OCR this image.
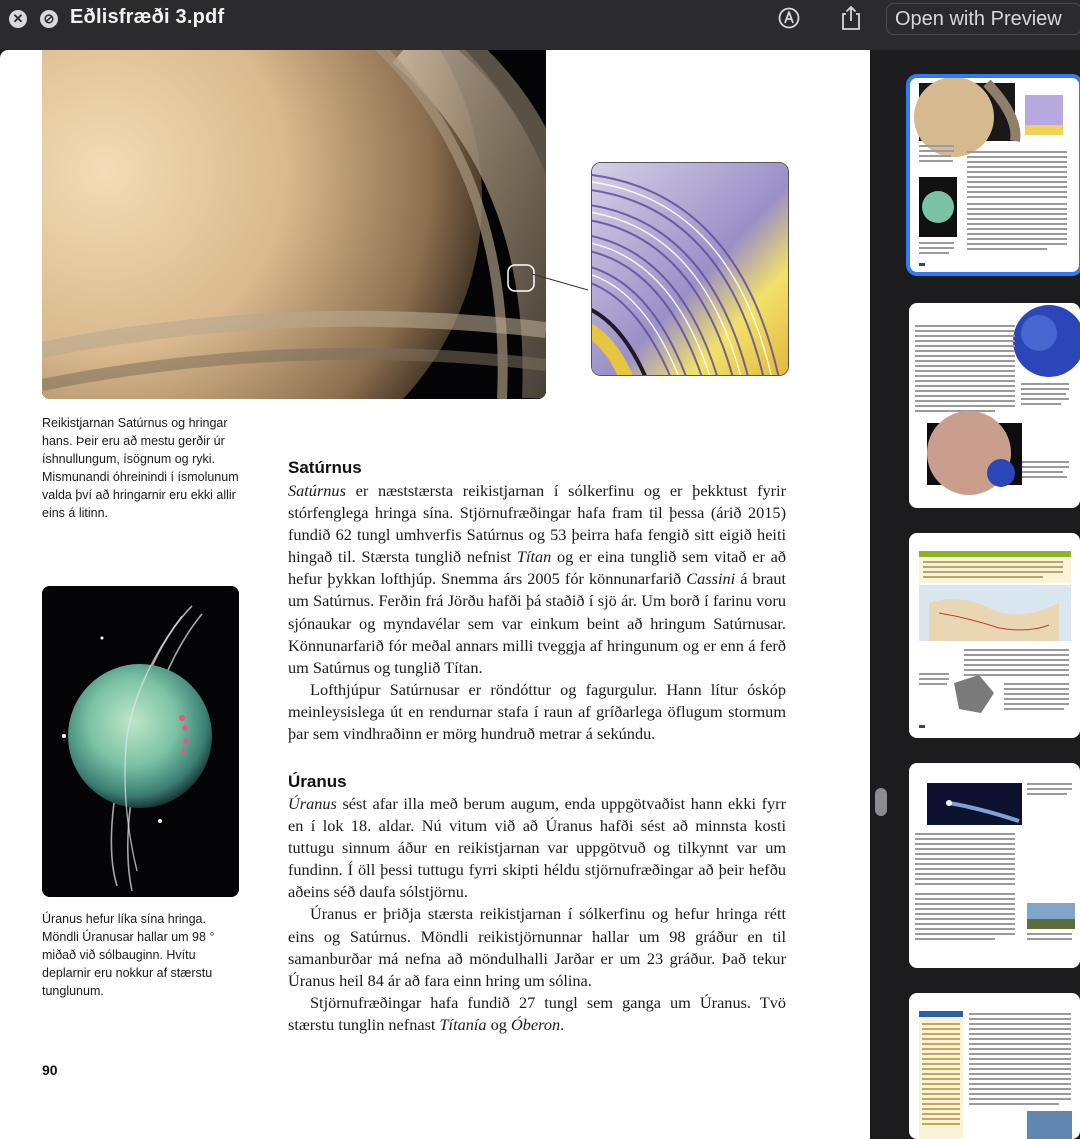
✕ ⊘ Eðlisfræði 3.pdf	Open with Preview
Reikistjarnan Satúrnus og hringar hans. Þeir eru að mestu gerðir úr íshnullungum, ísögnum og ryki. Mismunandi óhreinindi í ísmolunum valda því að hringarnir eru ekki allir eins á litinn.
Úranus hefur líka sína hringa. Möndli Úranusar hallar um 98 ° miðað við sólbauginn. Hvítu deplarnir eru nokkur af stærstu tunglunum.
Satúrnus

Satúrnus er næststærsta reikistjarnan í sólkerfinu og er þekktust fyrir stórfenglega hringa sína. Stjörnufræðingar hafa fram til þessa (árið 2015) fundið 62 tungl umhverfis Satúrnus og 53 þeirra hafa fengið sitt eigið heiti hingað til. Stærsta tunglið nefnist Títan og er eina tunglið sem vitað er að hefur þykkan lofthjúp. Snemma árs 2005 fór könnunarfarið Cassini á braut um Satúrnus. Ferðin frá Jörðu hafði þá staðið í sjö ár. Um borð í farinu voru sjónaukar og myndavélar sem var einkum beint að hringum Satúrnusar. Könnunarfarið fór meðal annars milli tveggja af hringunum og er enn á ferð um Satúrnus og tunglið Títan.

Lofthjúpur Satúrnusar er röndóttur og fagurgulur. Hann lítur óskóp meinleysislega út en rendurnar stafa í raun af gríðarlega öflugum stormum þar sem vindhraðinn er mörg hundruð metrar á sekúndu.

Úranus

Úranus sést afar illa með berum augum, enda uppgötvaðist hann ekki fyrr en í lok 18. aldar. Nú vitum við að Úranus hafði sést að minnsta kosti tuttugu sinnum áður en reikistjarnan var uppgötvuð og tilkynnt var um fundinn. Í öll þessi tuttugu fyrri skipti héldu stjörnufræðingar að þeir hefðu aðeins séð daufa sólstjörnu.

Úranus er þriðja stærsta reikistjarnan í sólkerfinu og hefur hringa rétt eins og Satúrnus. Möndli reikistjörnunnar hallar um 98 gráður en til samanburðar má nefna að möndulhalli Jarðar er um 23 gráður. Það tekur Úranus heil 84 ár að fara einn hring um sólina.

Stjörnufræðingar hafa fundið 27 tungl sem ganga um Úranus. Tvö stærstu tunglin nefnast Títanía og Óberon.

90
